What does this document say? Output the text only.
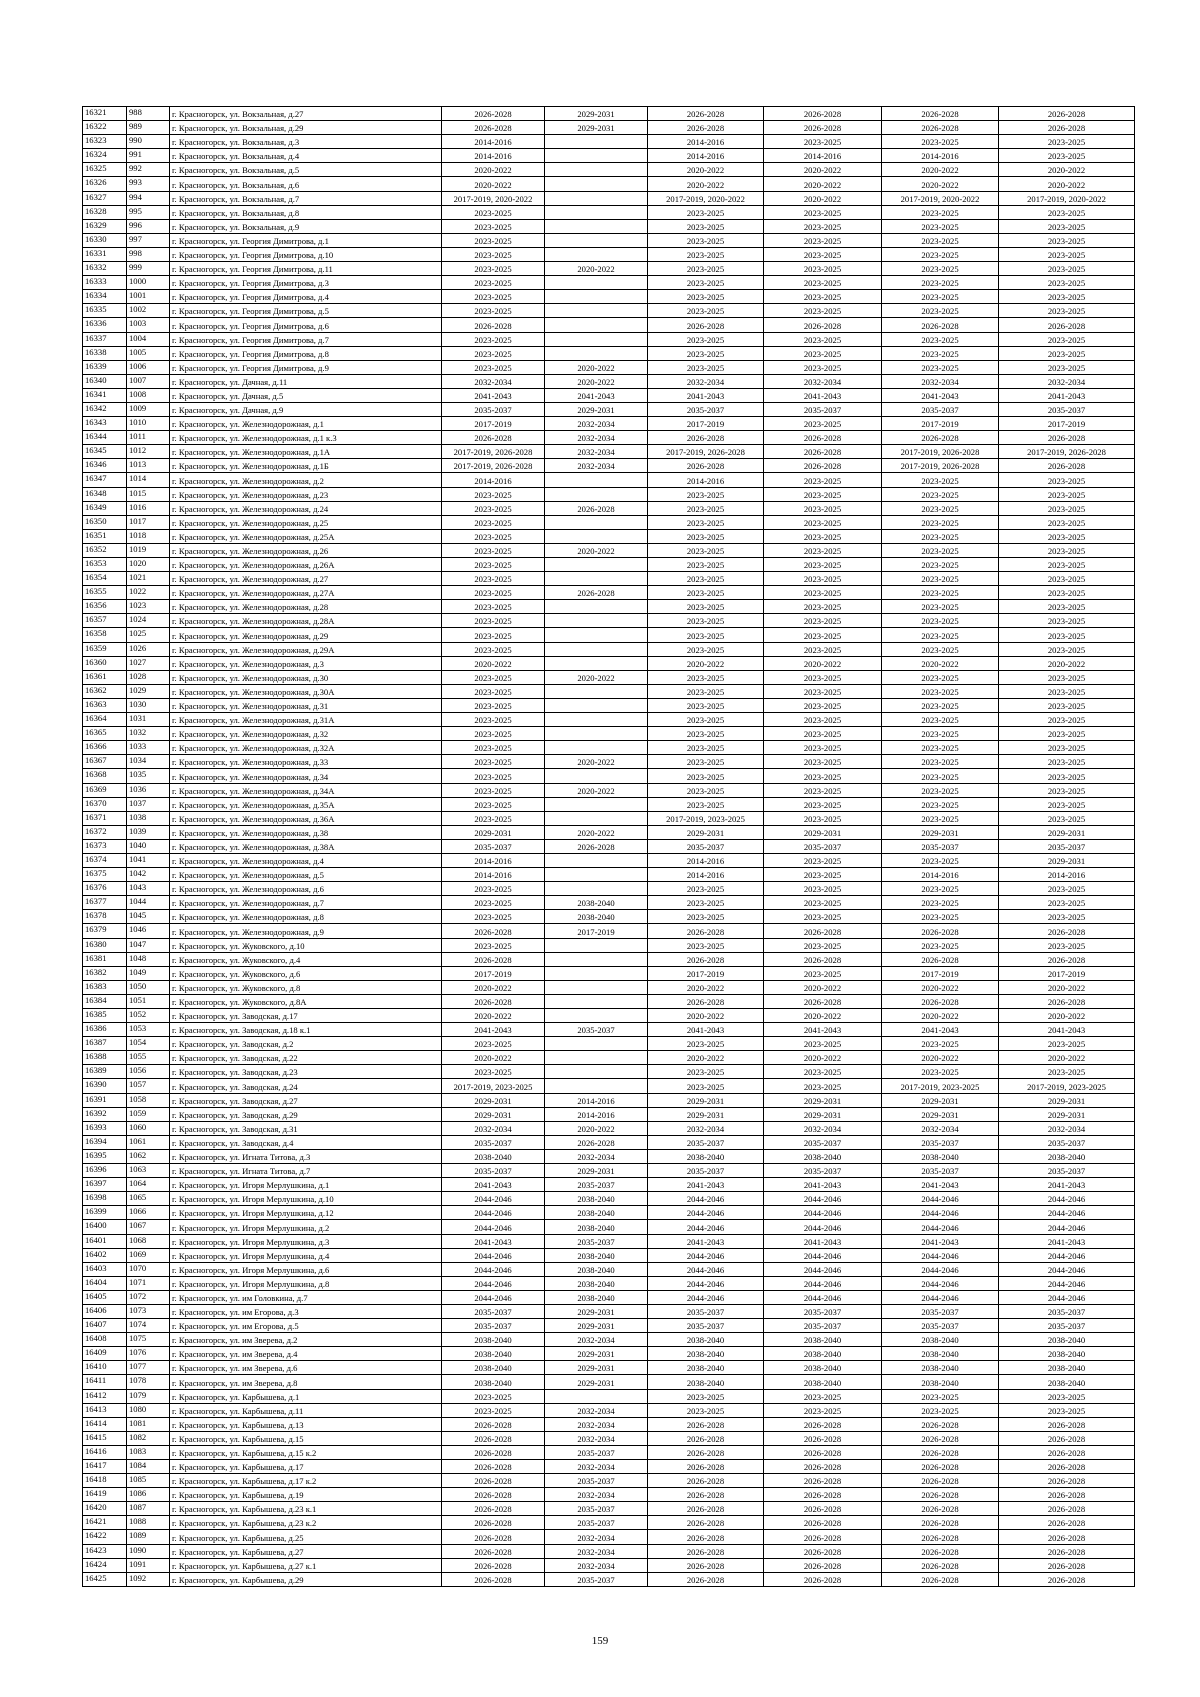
16321	988	г. Красногорск, ул. Вокзальная, д.27	2026-2028	2029-2031	2026-2028	2026-2028	2026-2028	2026-2028
16322	989	г. Красногорск, ул. Вокзальная, д.29	2026-2028	2029-2031	2026-2028	2026-2028	2026-2028	2026-2028
16323	990	г. Красногорск, ул. Вокзальная, д.3	2014-2016		2014-2016	2023-2025	2023-2025	2023-2025
16324	991	г. Красногорск, ул. Вокзальная, д.4	2014-2016		2014-2016	2014-2016	2014-2016	2023-2025
16325	992	г. Красногорск, ул. Вокзальная, д.5	2020-2022		2020-2022	2020-2022	2020-2022	2020-2022
16326	993	г. Красногорск, ул. Вокзальная, д.6	2020-2022		2020-2022	2020-2022	2020-2022	2020-2022
16327	994	г. Красногорск, ул. Вокзальная, д.7	2017-2019, 2020-2022		2017-2019, 2020-2022	2020-2022	2017-2019, 2020-2022	2017-2019, 2020-2022
16328	995	г. Красногорск, ул. Вокзальная, д.8	2023-2025		2023-2025	2023-2025	2023-2025	2023-2025
16329	996	г. Красногорск, ул. Вокзальная, д.9	2023-2025		2023-2025	2023-2025	2023-2025	2023-2025
16330	997	г. Красногорск, ул. Георгия Димитрова, д.1	2023-2025		2023-2025	2023-2025	2023-2025	2023-2025
16331	998	г. Красногорск, ул. Георгия Димитрова, д.10	2023-2025		2023-2025	2023-2025	2023-2025	2023-2025
16332	999	г. Красногорск, ул. Георгия Димитрова, д.11	2023-2025	2020-2022	2023-2025	2023-2025	2023-2025	2023-2025
16333	1000	г. Красногорск, ул. Георгия Димитрова, д.3	2023-2025		2023-2025	2023-2025	2023-2025	2023-2025
16334	1001	г. Красногорск, ул. Георгия Димитрова, д.4	2023-2025		2023-2025	2023-2025	2023-2025	2023-2025
16335	1002	г. Красногорск, ул. Георгия Димитрова, д.5	2023-2025		2023-2025	2023-2025	2023-2025	2023-2025
16336	1003	г. Красногорск, ул. Георгия Димитрова, д.6	2026-2028		2026-2028	2026-2028	2026-2028	2026-2028
16337	1004	г. Красногорск, ул. Георгия Димитрова, д.7	2023-2025		2023-2025	2023-2025	2023-2025	2023-2025
16338	1005	г. Красногорск, ул. Георгия Димитрова, д.8	2023-2025		2023-2025	2023-2025	2023-2025	2023-2025
16339	1006	г. Красногорск, ул. Георгия Димитрова, д.9	2023-2025	2020-2022	2023-2025	2023-2025	2023-2025	2023-2025
16340	1007	г. Красногорск, ул. Дачная, д.11	2032-2034	2020-2022	2032-2034	2032-2034	2032-2034	2032-2034
16341	1008	г. Красногорск, ул. Дачная, д.5	2041-2043	2041-2043	2041-2043	2041-2043	2041-2043	2041-2043
16342	1009	г. Красногорск, ул. Дачная, д.9	2035-2037	2029-2031	2035-2037	2035-2037	2035-2037	2035-2037
16343	1010	г. Красногорск, ул. Железнодорожная, д.1	2017-2019	2032-2034	2017-2019	2023-2025	2017-2019	2017-2019
16344	1011	г. Красногорск, ул. Железнодорожная, д.1 к.3	2026-2028	2032-2034	2026-2028	2026-2028	2026-2028	2026-2028
16345	1012	г. Красногорск, ул. Железнодорожная, д.1А	2017-2019, 2026-2028	2032-2034	2017-2019, 2026-2028	2026-2028	2017-2019, 2026-2028	2017-2019, 2026-2028
16346	1013	г. Красногорск, ул. Железнодорожная, д.1Б	2017-2019, 2026-2028	2032-2034	2026-2028	2026-2028	2017-2019, 2026-2028	2026-2028
16347	1014	г. Красногорск, ул. Железнодорожная, д.2	2014-2016		2014-2016	2023-2025	2023-2025	2023-2025
16348	1015	г. Красногорск, ул. Железнодорожная, д.23	2023-2025		2023-2025	2023-2025	2023-2025	2023-2025
16349	1016	г. Красногорск, ул. Железнодорожная, д.24	2023-2025	2026-2028	2023-2025	2023-2025	2023-2025	2023-2025
16350	1017	г. Красногорск, ул. Железнодорожная, д.25	2023-2025		2023-2025	2023-2025	2023-2025	2023-2025
16351	1018	г. Красногорск, ул. Железнодорожная, д.25А	2023-2025		2023-2025	2023-2025	2023-2025	2023-2025
16352	1019	г. Красногорск, ул. Железнодорожная, д.26	2023-2025	2020-2022	2023-2025	2023-2025	2023-2025	2023-2025
16353	1020	г. Красногорск, ул. Железнодорожная, д.26А	2023-2025		2023-2025	2023-2025	2023-2025	2023-2025
16354	1021	г. Красногорск, ул. Железнодорожная, д.27	2023-2025		2023-2025	2023-2025	2023-2025	2023-2025
16355	1022	г. Красногорск, ул. Железнодорожная, д.27А	2023-2025	2026-2028	2023-2025	2023-2025	2023-2025	2023-2025
16356	1023	г. Красногорск, ул. Железнодорожная, д.28	2023-2025		2023-2025	2023-2025	2023-2025	2023-2025
16357	1024	г. Красногорск, ул. Железнодорожная, д.28А	2023-2025		2023-2025	2023-2025	2023-2025	2023-2025
16358	1025	г. Красногорск, ул. Железнодорожная, д.29	2023-2025		2023-2025	2023-2025	2023-2025	2023-2025
16359	1026	г. Красногорск, ул. Железнодорожная, д.29А	2023-2025		2023-2025	2023-2025	2023-2025	2023-2025
16360	1027	г. Красногорск, ул. Железнодорожная, д.3	2020-2022		2020-2022	2020-2022	2020-2022	2020-2022
16361	1028	г. Красногорск, ул. Железнодорожная, д.30	2023-2025	2020-2022	2023-2025	2023-2025	2023-2025	2023-2025
16362	1029	г. Красногорск, ул. Железнодорожная, д.30А	2023-2025		2023-2025	2023-2025	2023-2025	2023-2025
16363	1030	г. Красногорск, ул. Железнодорожная, д.31	2023-2025		2023-2025	2023-2025	2023-2025	2023-2025
16364	1031	г. Красногорск, ул. Железнодорожная, д.31А	2023-2025		2023-2025	2023-2025	2023-2025	2023-2025
16365	1032	г. Красногорск, ул. Железнодорожная, д.32	2023-2025		2023-2025	2023-2025	2023-2025	2023-2025
16366	1033	г. Красногорск, ул. Железнодорожная, д.32А	2023-2025		2023-2025	2023-2025	2023-2025	2023-2025
16367	1034	г. Красногорск, ул. Железнодорожная, д.33	2023-2025	2020-2022	2023-2025	2023-2025	2023-2025	2023-2025
16368	1035	г. Красногорск, ул. Железнодорожная, д.34	2023-2025		2023-2025	2023-2025	2023-2025	2023-2025
16369	1036	г. Красногорск, ул. Железнодорожная, д.34А	2023-2025	2020-2022	2023-2025	2023-2025	2023-2025	2023-2025
16370	1037	г. Красногорск, ул. Железнодорожная, д.35А	2023-2025		2023-2025	2023-2025	2023-2025	2023-2025
16371	1038	г. Красногорск, ул. Железнодорожная, д.36А	2023-2025		2017-2019, 2023-2025	2023-2025	2023-2025	2023-2025
16372	1039	г. Красногорск, ул. Железнодорожная, д.38	2029-2031	2020-2022	2029-2031	2029-2031	2029-2031	2029-2031
16373	1040	г. Красногорск, ул. Железнодорожная, д.38А	2035-2037	2026-2028	2035-2037	2035-2037	2035-2037	2035-2037
16374	1041	г. Красногорск, ул. Железнодорожная, д.4	2014-2016		2014-2016	2023-2025	2023-2025	2029-2031
16375	1042	г. Красногорск, ул. Железнодорожная, д.5	2014-2016		2014-2016	2023-2025	2014-2016	2014-2016
16376	1043	г. Красногорск, ул. Железнодорожная, д.6	2023-2025		2023-2025	2023-2025	2023-2025	2023-2025
16377	1044	г. Красногорск, ул. Железнодорожная, д.7	2023-2025	2038-2040	2023-2025	2023-2025	2023-2025	2023-2025
16378	1045	г. Красногорск, ул. Железнодорожная, д.8	2023-2025	2038-2040	2023-2025	2023-2025	2023-2025	2023-2025
16379	1046	г. Красногорск, ул. Железнодорожная, д.9	2026-2028	2017-2019	2026-2028	2026-2028	2026-2028	2026-2028
16380	1047	г. Красногорск, ул. Жуковского, д.10	2023-2025		2023-2025	2023-2025	2023-2025	2023-2025
16381	1048	г. Красногорск, ул. Жуковского, д.4	2026-2028		2026-2028	2026-2028	2026-2028	2026-2028
16382	1049	г. Красногорск, ул. Жуковского, д.6	2017-2019		2017-2019	2023-2025	2017-2019	2017-2019
16383	1050	г. Красногорск, ул. Жуковского, д.8	2020-2022		2020-2022	2020-2022	2020-2022	2020-2022
16384	1051	г. Красногорск, ул. Жуковского, д.8А	2026-2028		2026-2028	2026-2028	2026-2028	2026-2028
16385	1052	г. Красногорск, ул. Заводская, д.17	2020-2022		2020-2022	2020-2022	2020-2022	2020-2022
16386	1053	г. Красногорск, ул. Заводская, д.18 к.1	2041-2043	2035-2037	2041-2043	2041-2043	2041-2043	2041-2043
16387	1054	г. Красногорск, ул. Заводская, д.2	2023-2025		2023-2025	2023-2025	2023-2025	2023-2025
16388	1055	г. Красногорск, ул. Заводская, д.22	2020-2022		2020-2022	2020-2022	2020-2022	2020-2022
16389	1056	г. Красногорск, ул. Заводская, д.23	2023-2025		2023-2025	2023-2025	2023-2025	2023-2025
16390	1057	г. Красногорск, ул. Заводская, д.24	2017-2019, 2023-2025		2023-2025	2023-2025	2017-2019, 2023-2025	2017-2019, 2023-2025
16391	1058	г. Красногорск, ул. Заводская, д.27	2029-2031	2014-2016	2029-2031	2029-2031	2029-2031	2029-2031
16392	1059	г. Красногорск, ул. Заводская, д.29	2029-2031	2014-2016	2029-2031	2029-2031	2029-2031	2029-2031
16393	1060	г. Красногорск, ул. Заводская, д.31	2032-2034	2020-2022	2032-2034	2032-2034	2032-2034	2032-2034
16394	1061	г. Красногорск, ул. Заводская, д.4	2035-2037	2026-2028	2035-2037	2035-2037	2035-2037	2035-2037
16395	1062	г. Красногорск, ул. Игната Титова, д.3	2038-2040	2032-2034	2038-2040	2038-2040	2038-2040	2038-2040
16396	1063	г. Красногорск, ул. Игната Титова, д.7	2035-2037	2029-2031	2035-2037	2035-2037	2035-2037	2035-2037
16397	1064	г. Красногорск, ул. Игоря Мерлушкина, д.1	2041-2043	2035-2037	2041-2043	2041-2043	2041-2043	2041-2043
16398	1065	г. Красногорск, ул. Игоря Мерлушкина, д.10	2044-2046	2038-2040	2044-2046	2044-2046	2044-2046	2044-2046
16399	1066	г. Красногорск, ул. Игоря Мерлушкина, д.12	2044-2046	2038-2040	2044-2046	2044-2046	2044-2046	2044-2046
16400	1067	г. Красногорск, ул. Игоря Мерлушкина, д.2	2044-2046	2038-2040	2044-2046	2044-2046	2044-2046	2044-2046
16401	1068	г. Красногорск, ул. Игоря Мерлушкина, д.3	2041-2043	2035-2037	2041-2043	2041-2043	2041-2043	2041-2043
16402	1069	г. Красногорск, ул. Игоря Мерлушкина, д.4	2044-2046	2038-2040	2044-2046	2044-2046	2044-2046	2044-2046
16403	1070	г. Красногорск, ул. Игоря Мерлушкина, д.6	2044-2046	2038-2040	2044-2046	2044-2046	2044-2046	2044-2046
16404	1071	г. Красногорск, ул. Игоря Мерлушкина, д.8	2044-2046	2038-2040	2044-2046	2044-2046	2044-2046	2044-2046
16405	1072	г. Красногорск, ул. им Головкина, д.7	2044-2046	2038-2040	2044-2046	2044-2046	2044-2046	2044-2046
16406	1073	г. Красногорск, ул. им Егорова, д.3	2035-2037	2029-2031	2035-2037	2035-2037	2035-2037	2035-2037
16407	1074	г. Красногорск, ул. им Егорова, д.5	2035-2037	2029-2031	2035-2037	2035-2037	2035-2037	2035-2037
16408	1075	г. Красногорск, ул. им Зверева, д.2	2038-2040	2032-2034	2038-2040	2038-2040	2038-2040	2038-2040
16409	1076	г. Красногорск, ул. им Зверева, д.4	2038-2040	2029-2031	2038-2040	2038-2040	2038-2040	2038-2040
16410	1077	г. Красногорск, ул. им Зверева, д.6	2038-2040	2029-2031	2038-2040	2038-2040	2038-2040	2038-2040
16411	1078	г. Красногорск, ул. им Зверева, д.8	2038-2040	2029-2031	2038-2040	2038-2040	2038-2040	2038-2040
16412	1079	г. Красногорск, ул. Карбышева, д.1	2023-2025		2023-2025	2023-2025	2023-2025	2023-2025
16413	1080	г. Красногорск, ул. Карбышева, д.11	2023-2025	2032-2034	2023-2025	2023-2025	2023-2025	2023-2025
16414	1081	г. Красногорск, ул. Карбышева, д.13	2026-2028	2032-2034	2026-2028	2026-2028	2026-2028	2026-2028
16415	1082	г. Красногорск, ул. Карбышева, д.15	2026-2028	2032-2034	2026-2028	2026-2028	2026-2028	2026-2028
16416	1083	г. Красногорск, ул. Карбышева, д.15 к.2	2026-2028	2035-2037	2026-2028	2026-2028	2026-2028	2026-2028
16417	1084	г. Красногорск, ул. Карбышева, д.17	2026-2028	2032-2034	2026-2028	2026-2028	2026-2028	2026-2028
16418	1085	г. Красногорск, ул. Карбышева, д.17 к.2	2026-2028	2035-2037	2026-2028	2026-2028	2026-2028	2026-2028
16419	1086	г. Красногорск, ул. Карбышева, д.19	2026-2028	2032-2034	2026-2028	2026-2028	2026-2028	2026-2028
16420	1087	г. Красногорск, ул. Карбышева, д.23 к.1	2026-2028	2035-2037	2026-2028	2026-2028	2026-2028	2026-2028
16421	1088	г. Красногорск, ул. Карбышева, д.23 к.2	2026-2028	2035-2037	2026-2028	2026-2028	2026-2028	2026-2028
16422	1089	г. Красногорск, ул. Карбышева, д.25	2026-2028	2032-2034	2026-2028	2026-2028	2026-2028	2026-2028
16423	1090	г. Красногорск, ул. Карбышева, д.27	2026-2028	2032-2034	2026-2028	2026-2028	2026-2028	2026-2028
16424	1091	г. Красногорск, ул. Карбышева, д.27 к.1	2026-2028	2032-2034	2026-2028	2026-2028	2026-2028	2026-2028
16425	1092	г. Красногорск, ул. Карбышева, д.29	2026-2028	2035-2037	2026-2028	2026-2028	2026-2028	2026-2028
159
